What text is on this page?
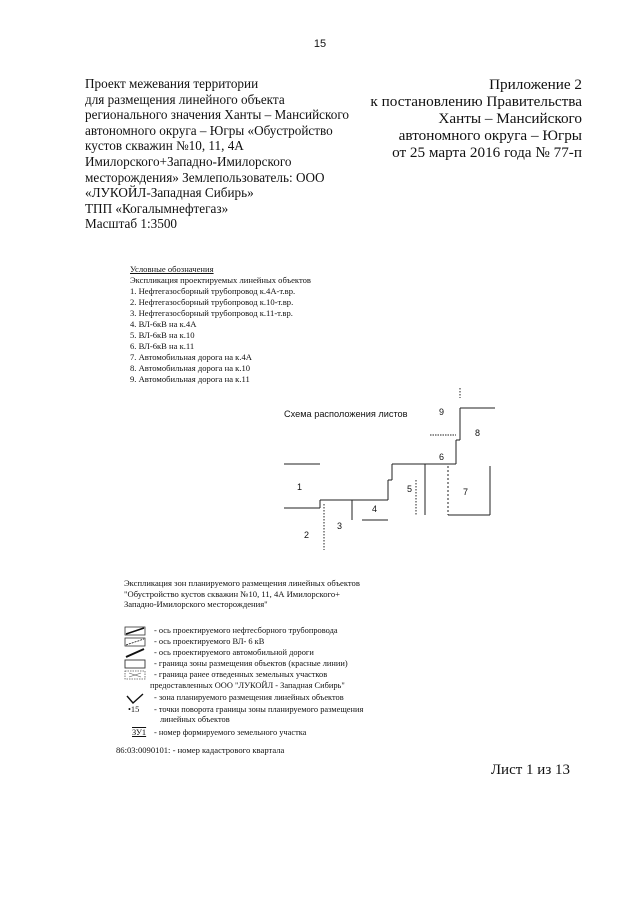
15
Проект межевания территории
для размещения линейного объекта
регионального значения Ханты – Мансийского
автономного округа – Югры «Обустройство
кустов скважин №10, 11, 4А
Имилорского+Западно-Имилорского
месторождения» Землепользователь: ООО
«ЛУКОЙЛ-Западная Сибирь»
ТПП «Когалымнефтегаз»
Масштаб 1:3500
Приложение 2
к постановлению Правительства
Ханты – Мансийского
автономного округа – Югры
от 25 марта 2016 года № 77-п
Условные обозначения
Экспликация проектируемых линейных объектов
1. Нефтегазосборный трубопровод к.4А-т.вр.
2. Нефтегазосборный трубопровод к.10-т.вр.
3. Нефтегазосборный трубопровод к.11-т.вр.
4. ВЛ-6кВ на к.4А
5. ВЛ-6кВ на к.10
6. ВЛ-6кВ на к.11
7. Автомобильная дорога на к.4А
8. Автомобильная дорога на к.10
9. Автомобильная дорога на к.11
Схема расположения листов
1
2
3
4
5
6
7
8
9
Экспликация зон планируемого размещения линейных объектов
"Обустройство кустов скважин №10, 11, 4А Имилорского+
Западно-Имилорского месторождения"
- ось проектируемого нефтесборного трубопровода
- ось проектируемого ВЛ- 6 кВ
- ось проектируемого автомобильной дороги
- граница зоны размещения объектов (красные линии)
- граница ранее отведенных земельных участков
предоставленных ООО "ЛУКОЙЛ - Западная Сибирь"
- зона планируемого размещения линейных объектов
•15 - точки поворота границы зоны планируемого размещения
линейных объектов
ЗУ1 - номер формируемого земельного участка
86:03:0090101: - номер кадастрового квартала
Лист 1 из 13
